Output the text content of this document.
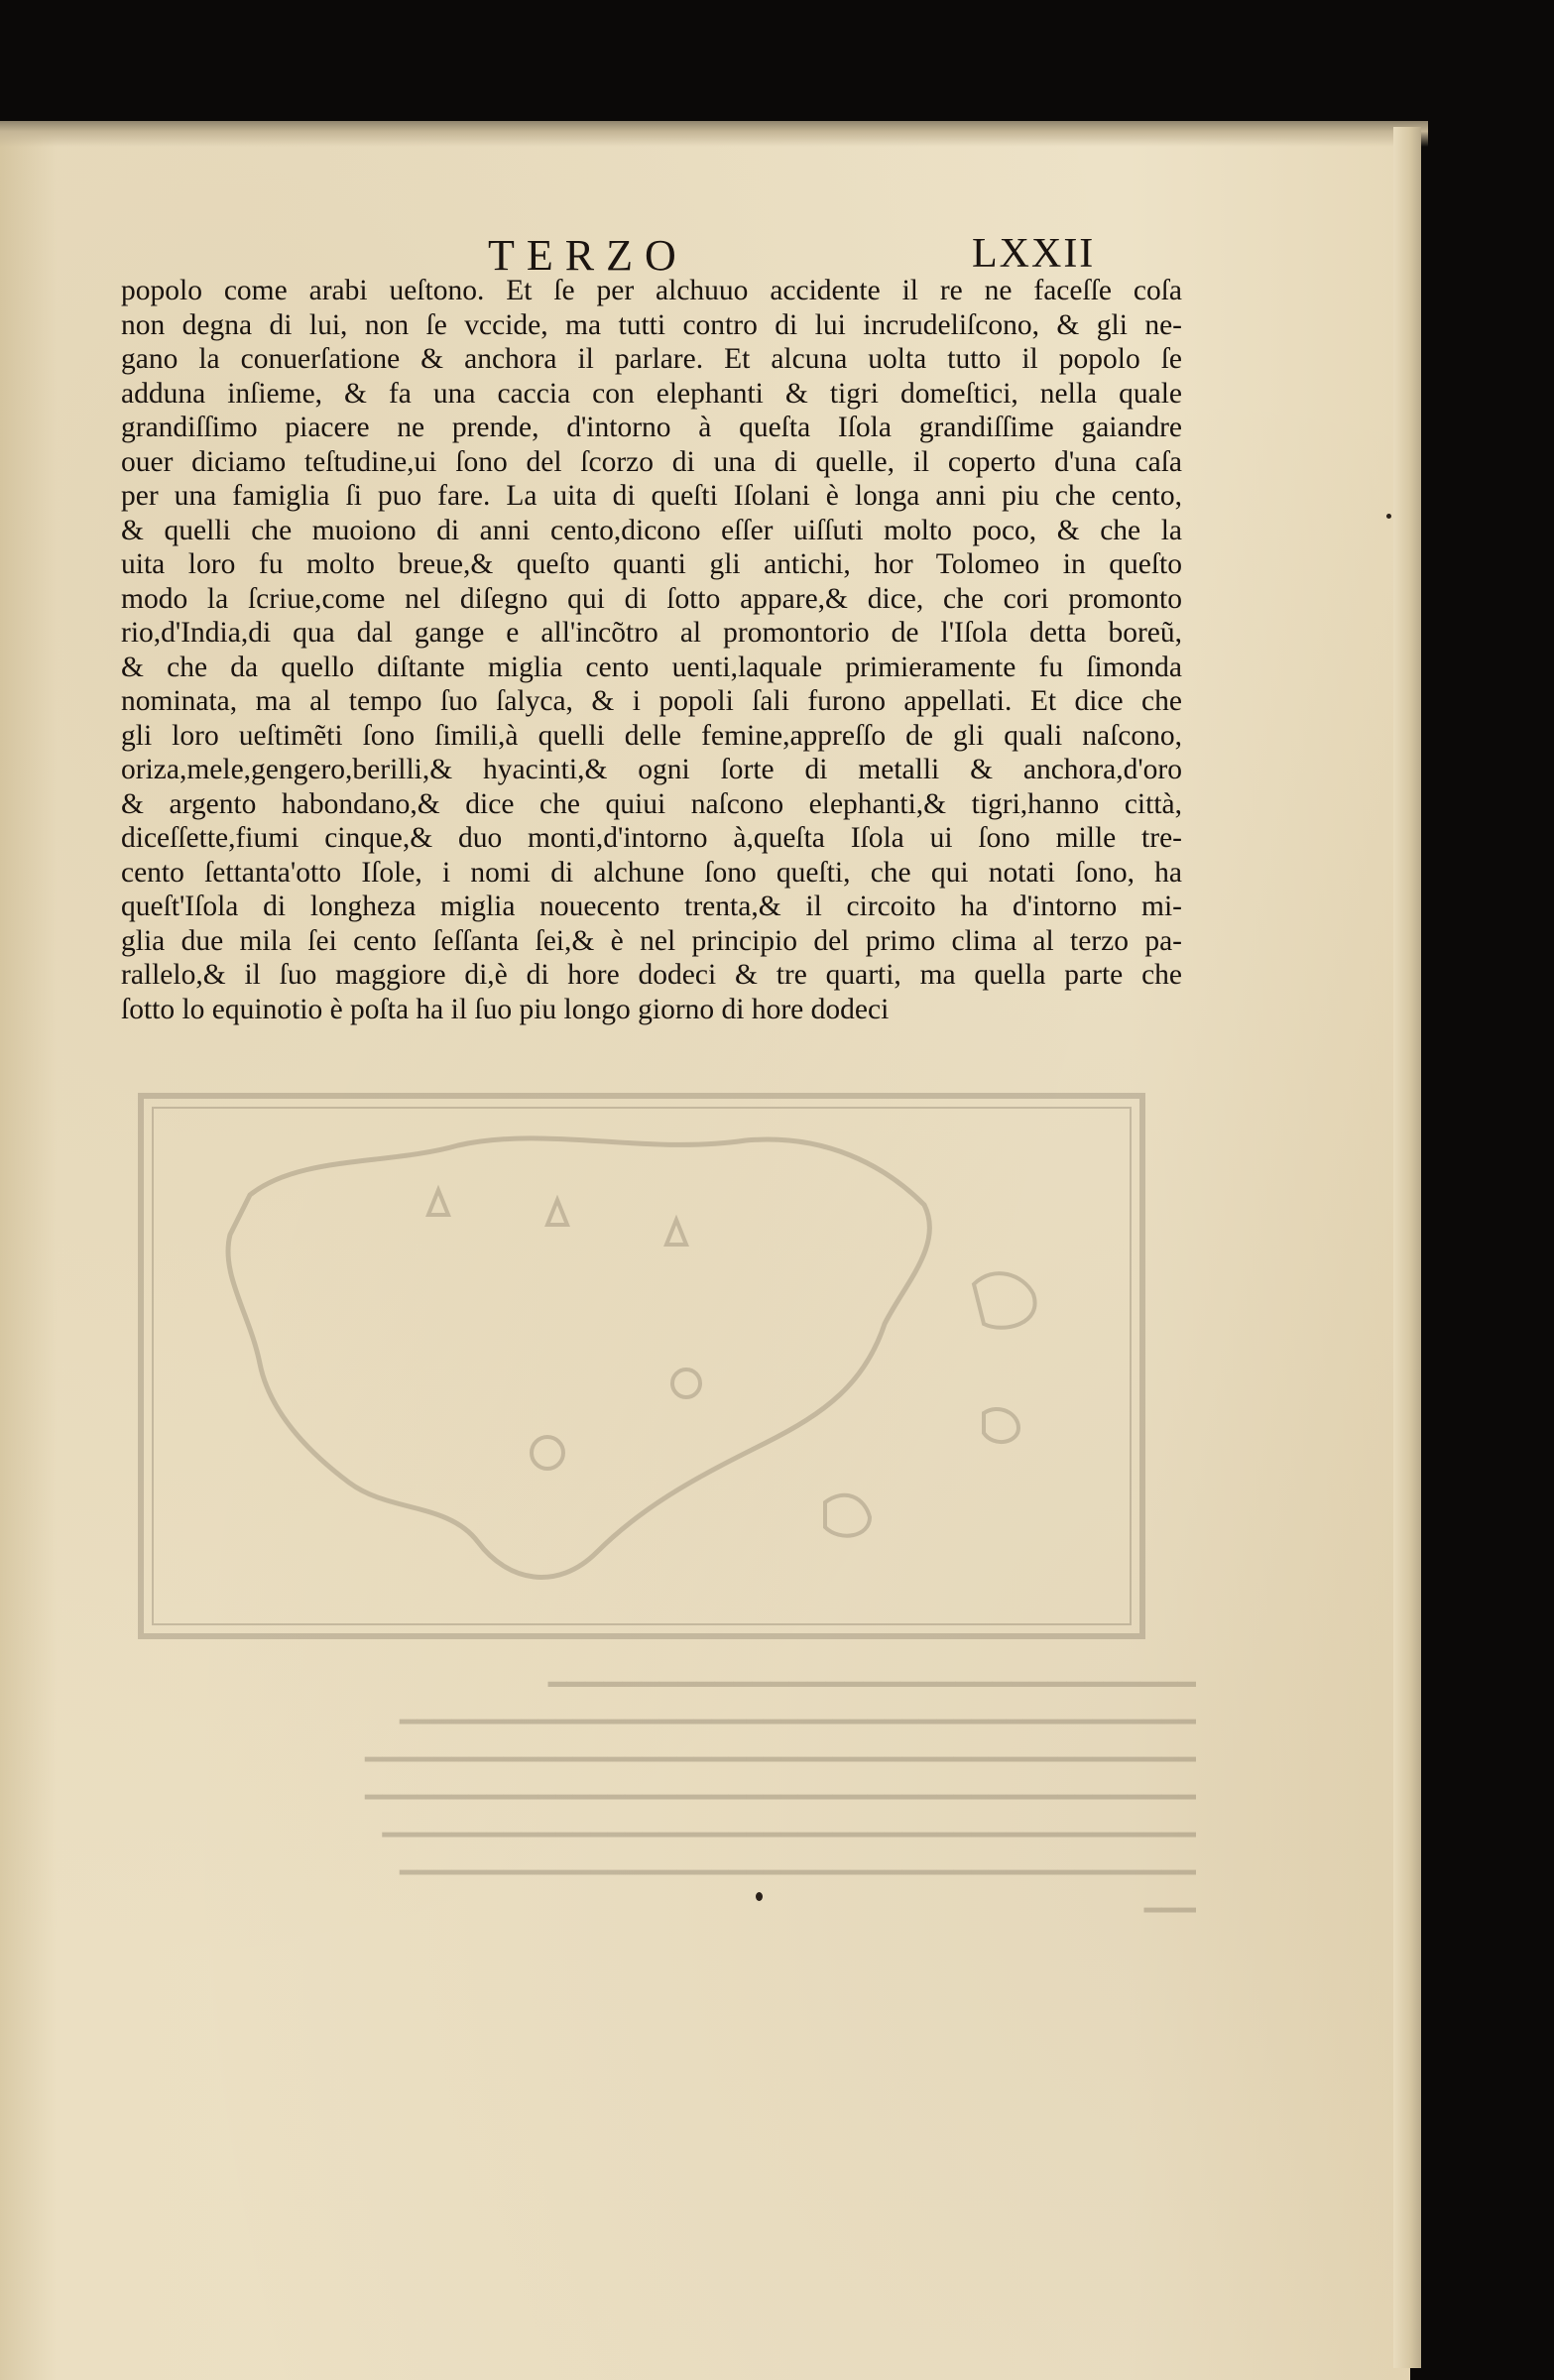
TERZO	LXXII
popolo come arabi ueſtono. Et ſe per alchuuo accidente il re ne faceſſe coſa
non degna di lui, non ſe vccide, ma tutti contro di lui incrudeliſcono, & gli ne-
gano la conuerſatione & anchora il parlare. Et alcuna uolta tutto il popolo ſe
adduna inſieme, & fa una caccia con elephanti & tigri domeſtici, nella quale
grandiſſimo piacere ne prende, d'intorno à queſta Iſola grandiſſime gaiandre
ouer diciamo teſtudine,ui ſono del ſcorzo di una di quelle, il coperto d'una caſa
per una famiglia ſi puo fare. La uita di queſti Iſolani è longa anni piu che cento,
& quelli che muoiono di anni cento,dicono eſſer uiſſuti molto poco, & che la
uita loro fu molto breue,& queſto quanti gli antichi, hor Tolomeo in queſto
modo la ſcriue,come nel diſegno qui di ſotto appare,& dice, che cori promonto
rio,d'India,di qua dal gange e all'incõtro al promontorio de l'Iſola detta boreũ,
& che da quello diſtante miglia cento uenti,laquale primieramente fu ſimonda
nominata, ma al tempo ſuo ſalyca, & i popoli ſali furono appellati. Et dice che
gli loro ueſtimẽti ſono ſimili,à quelli delle femine,appreſſo de gli quali naſcono,
oriza,mele,gengero,berilli,& hyacinti,& ogni ſorte di metalli & anchora,d'oro
& argento habondano,& dice che quiui naſcono elephanti,& tigri,hanno città,
diceſſette,fiumi cinque,& duo monti,d'intorno à,queſta Iſola ui ſono mille tre-
cento ſettanta'otto Iſole, i nomi di alchune ſono queſti, che qui notati ſono, ha
queſt'Iſola di longheza miglia nouecento trenta,& il circoito ha d'intorno mi-
glia due mila ſei cento ſeſſanta ſei,& è nel principio del primo clima al terzo pa-
rallelo,& il ſuo maggiore di,è di hore dodeci & tre quarti, ma quella parte che
ſotto lo equinotio è poſta ha il ſuo piu longo giorno di hore dodeci
━━━━━━━━━━━━━━━━━━━━━━━━━━━━━━━━━━━
━━━━━━━━━━━━━━━━━━━━━━━━━━━━━━━━━━━━━━━━━━━━━━
━━━━━━━━━━━━━━━━━━━━━━━━━━━━━━━━━━━━━━━━━━━━━━━━
━━━━━━━━━━━━━━━━━━━━━━━━━━━━━━━━━━━━━━━━━━━━━━━━
━━━━━━━━━━━━━━━━━━━━━━━━━━━━━━━━━━━━━━━━━━━━━━━
━━━━━━━━━━━━━━━━━━━━━━━━━━━━━━━━━━━━━━━━━━━━━━
━━━
